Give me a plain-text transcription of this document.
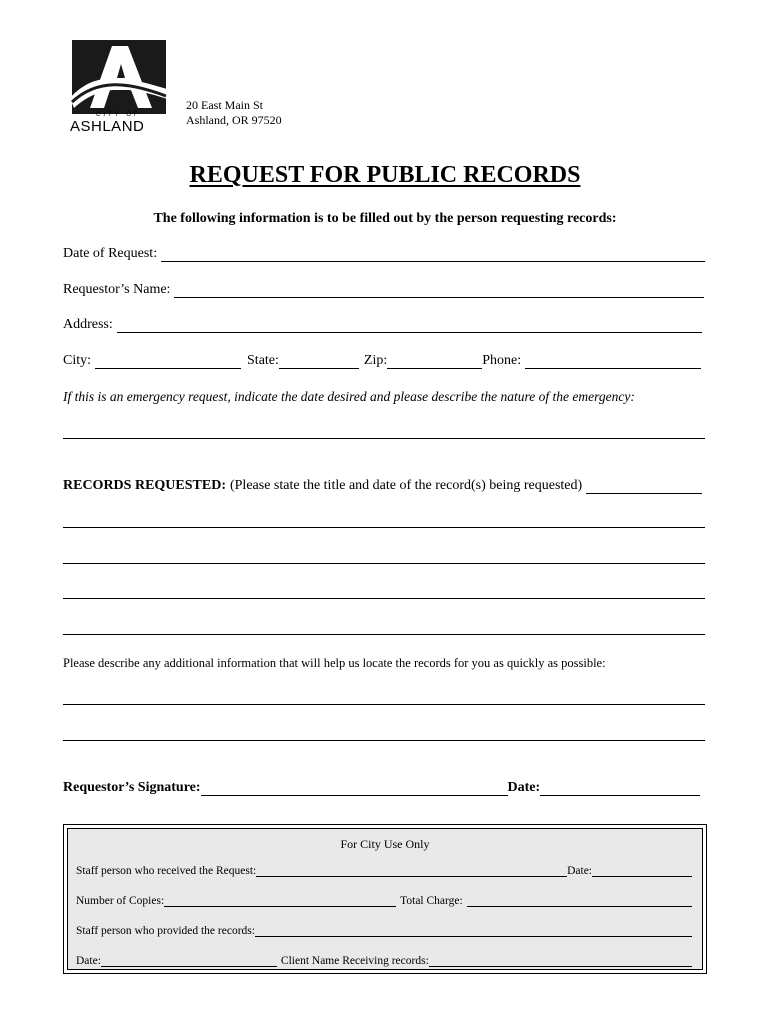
CITY OF
ASHLAND
20 East Main St
Ashland, OR 97520
REQUEST FOR PUBLIC RECORDS
The following information is to be filled out by the person requesting records:
Date of Request:
Requestor’s Name:
Address:
City:	State:	Zip:	Phone:
If this is an emergency request, indicate the date desired and please describe the nature of the emergency:
RECORDS REQUESTED: (Please state the title and date of the record(s) being requested)
Please describe any additional information that will help us locate the records for you as quickly as possible:
Requestor’s Signature:	Date:
For City Use Only
Staff person who received the Request:	Date:
Number of Copies:	Total Charge:
Staff person who provided the records:
Date:	Client Name Receiving records:
